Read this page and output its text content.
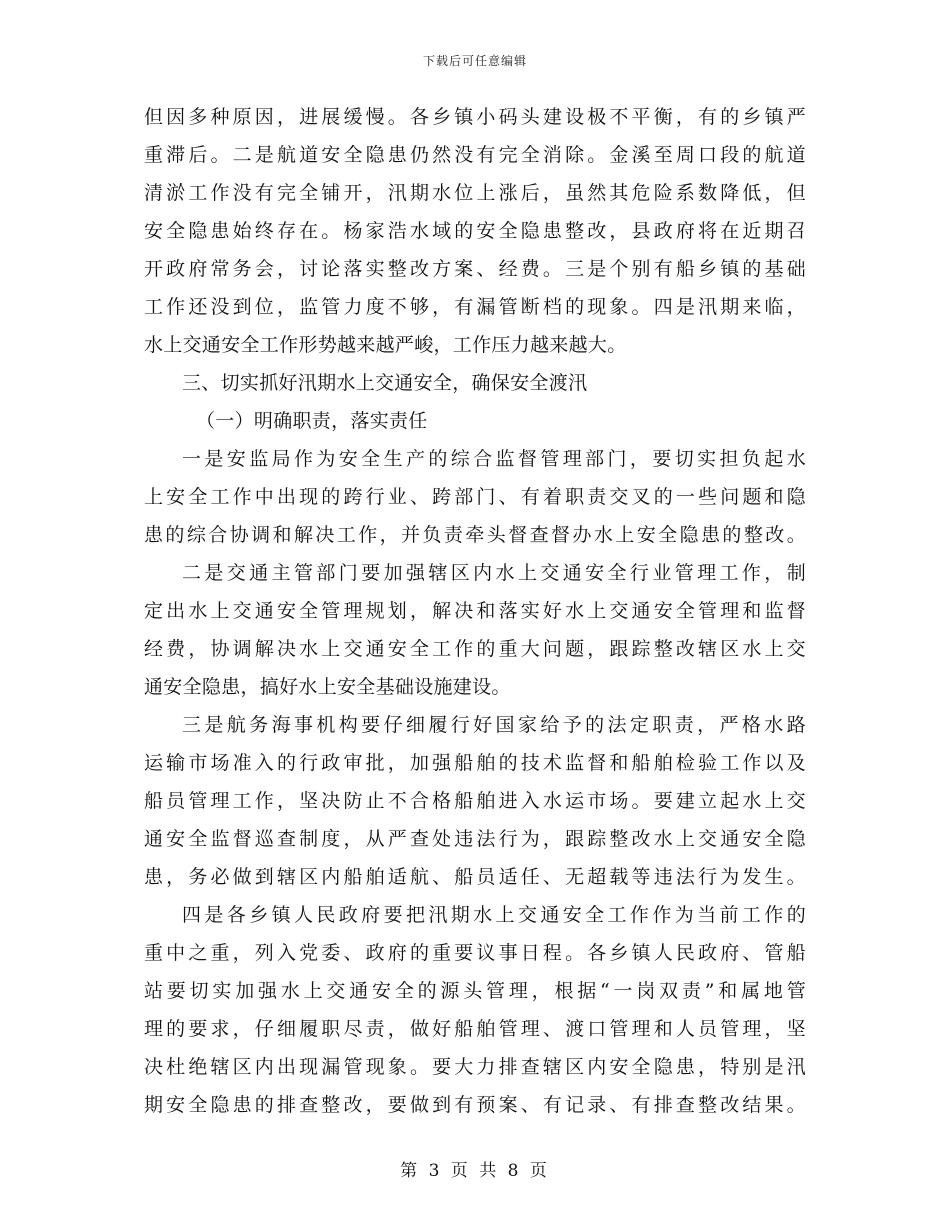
下载后可任意编辑
但因多种原因，进展缓慢。各乡镇小码头建设极不平衡，有的乡镇严
重滞后。二是航道安全隐患仍然没有完全消除。金溪至周口段的航道
清淤工作没有完全铺开，汛期水位上涨后，虽然其危险系数降低，但
安全隐患始终存在。杨家浩水域的安全隐患整改，县政府将在近期召
开政府常务会，讨论落实整改方案、经费。三是个别有船乡镇的基础
工作还没到位，监管力度不够，有漏管断档的现象。四是汛期来临，
水上交通安全工作形势越来越严峻，工作压力越来越大。
三、切实抓好汛期水上交通安全，确保安全渡汛
（一）明确职责，落实责任
一是安监局作为安全生产的综合监督管理部门，要切实担负起水
上安全工作中出现的跨行业、跨部门、有着职责交叉的一些问题和隐
患的综合协调和解决工作，并负责牵头督查督办水上安全隐患的整改。
二是交通主管部门要加强辖区内水上交通安全行业管理工作，制
定出水上交通安全管理规划，解决和落实好水上交通安全管理和监督
经费，协调解决水上交通安全工作的重大问题，跟踪整改辖区水上交
通安全隐患，搞好水上安全基础设施建设。
三是航务海事机构要仔细履行好国家给予的法定职责，严格水路
运输市场准入的行政审批，加强船舶的技术监督和船舶检验工作以及
船员管理工作，坚决防止不合格船舶进入水运市场。要建立起水上交
通安全监督巡查制度，从严查处违法行为，跟踪整改水上交通安全隐
患，务必做到辖区内船舶适航、船员适任、无超载等违法行为发生。
四是各乡镇人民政府要把汛期水上交通安全工作作为当前工作的
重中之重，列入党委、政府的重要议事日程。各乡镇人民政府、管船
站要切实加强水上交通安全的源头管理，根据“一岗双责”和属地管
理的要求，仔细履职尽责，做好船舶管理、渡口管理和人员管理，坚
决杜绝辖区内出现漏管现象。要大力排查辖区内安全隐患，特别是汛
期安全隐患的排查整改，要做到有预案、有记录、有排查整改结果。
第 3 页 共 8 页
